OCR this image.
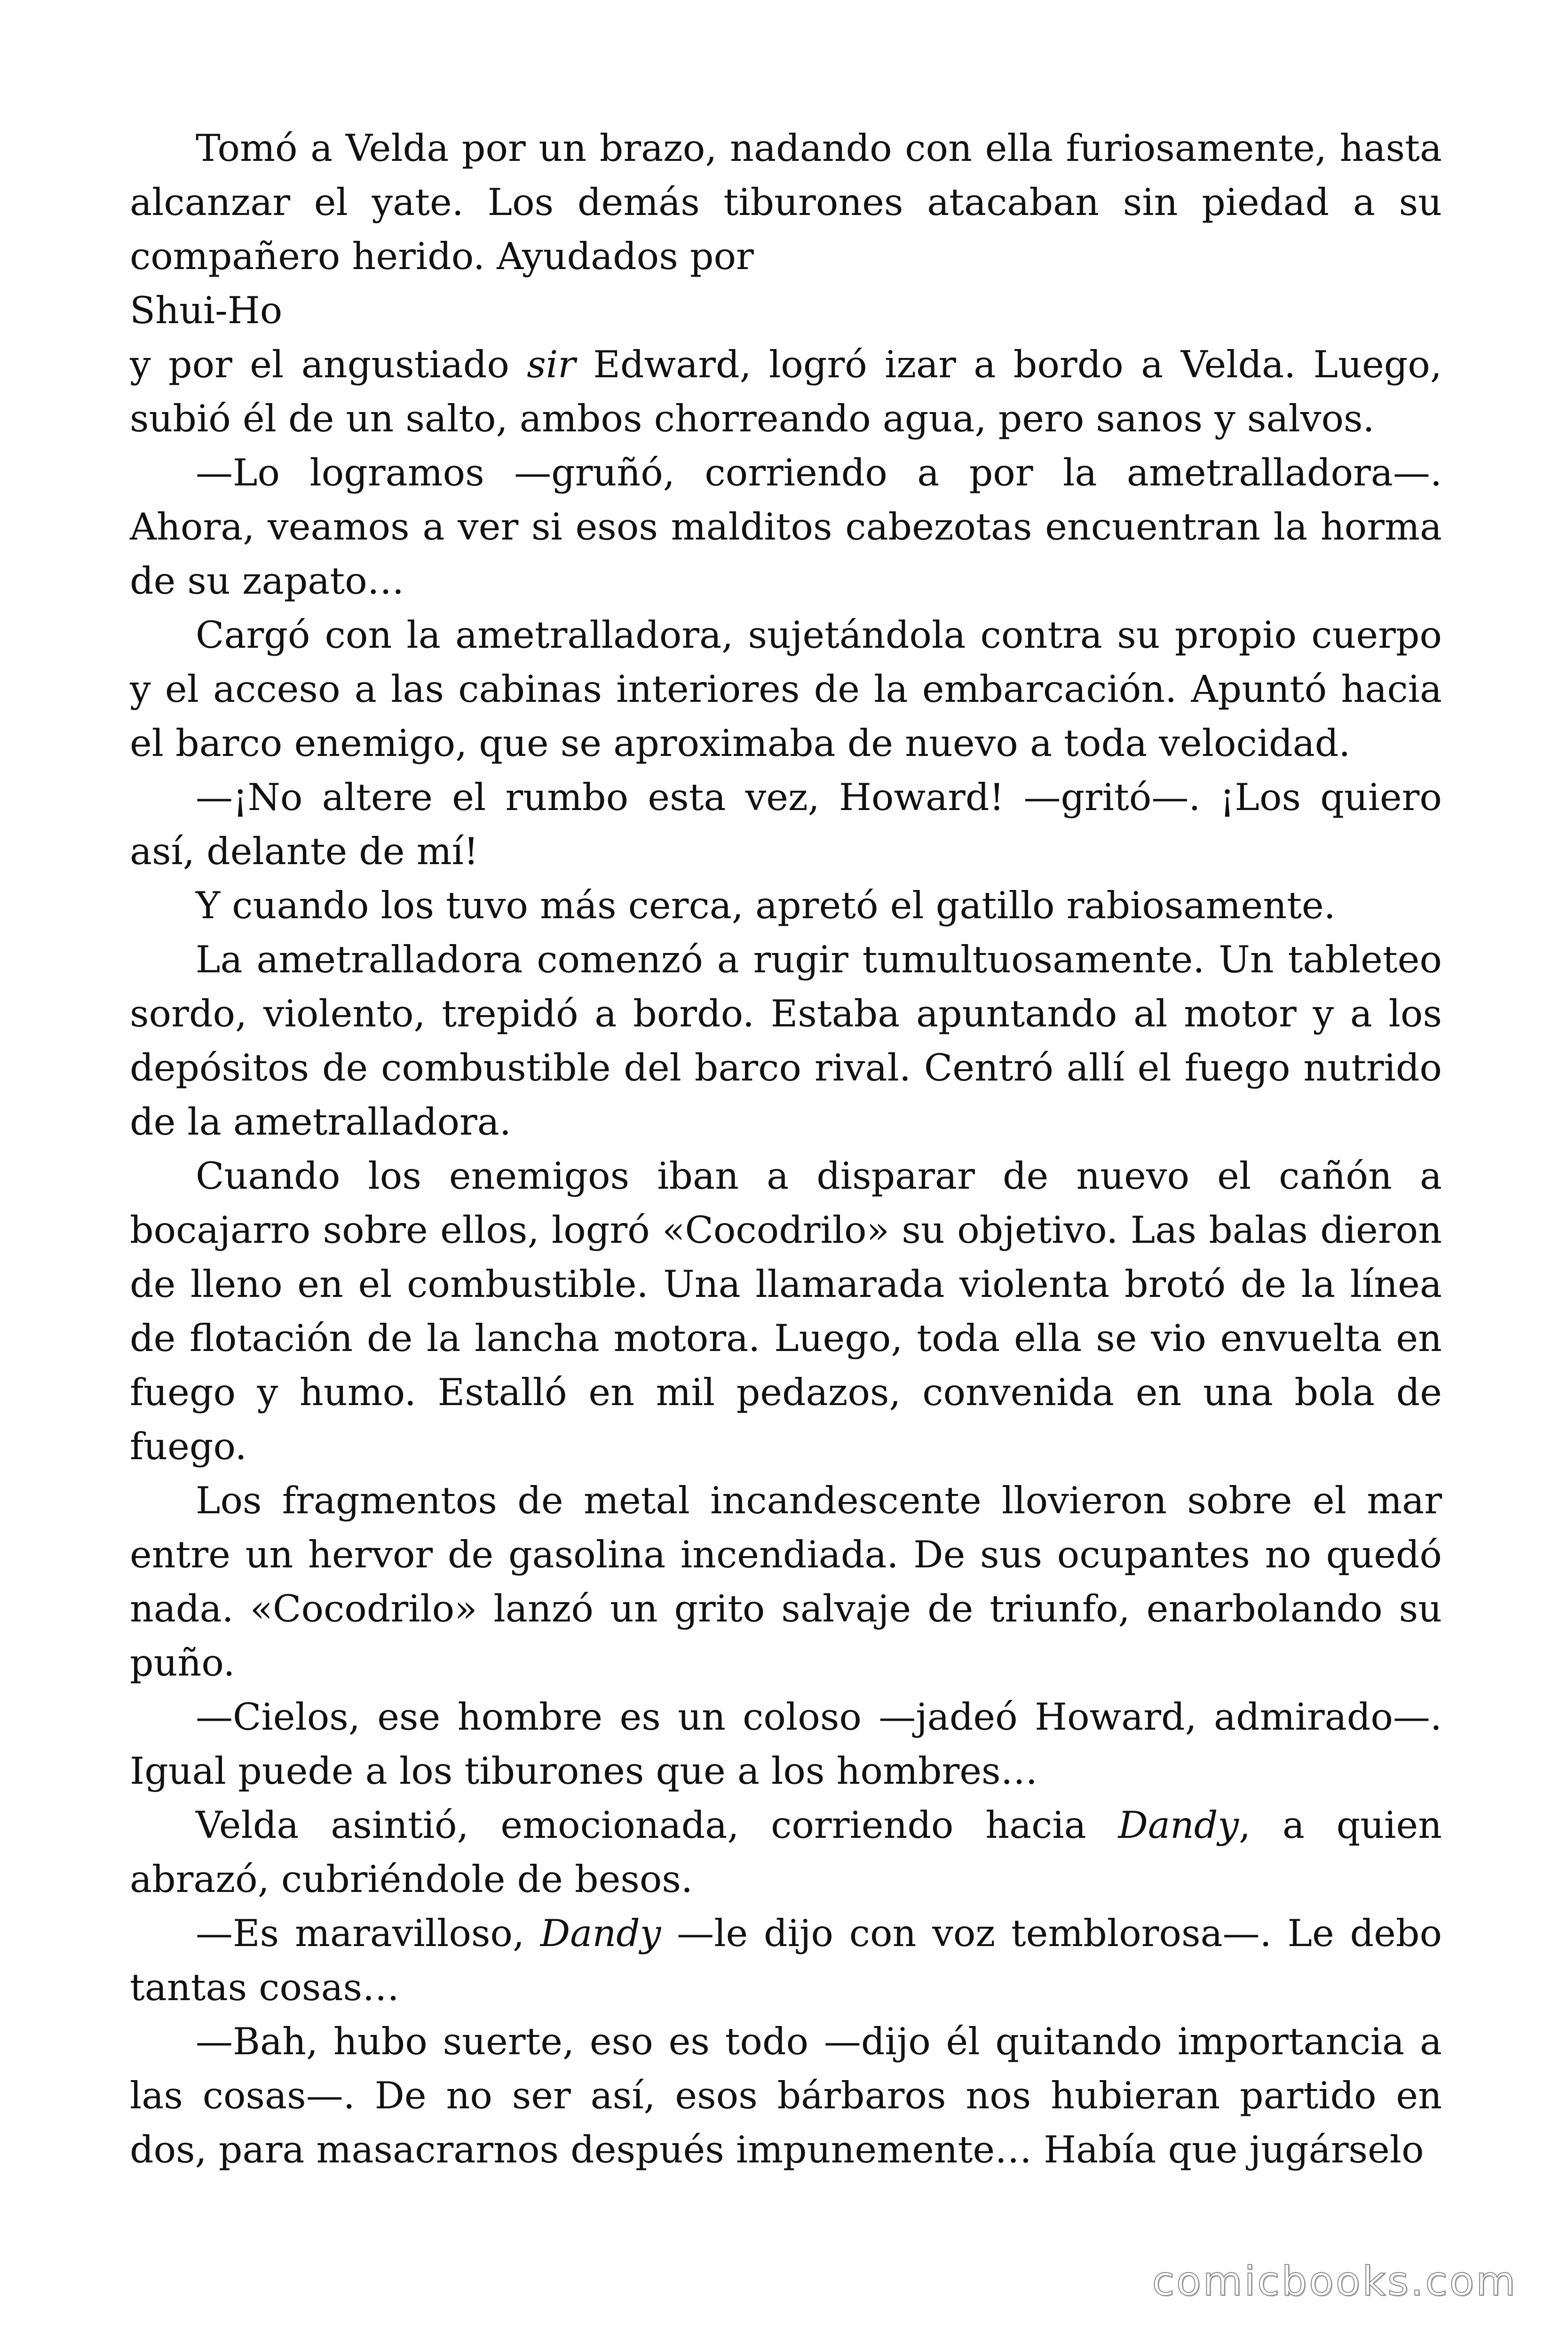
Tomó a Velda por un brazo, nadando con ella furiosamente, hasta alcanzar el yate. Los demás tiburones atacaban sin piedad a su compañero herido. Ayudados por

Shui-Ho

y por el angustiado sir Edward, logró izar a bordo a Velda. Luego, subió él de un salto, ambos chorreando agua, pero sanos y salvos.

—Lo logramos —gruñó, corriendo a por la ametralladora—. Ahora, veamos a ver si esos malditos cabezotas encuentran la horma de su zapato…

Cargó con la ametralladora, sujetándola contra su propio cuerpo y el acceso a las cabinas interiores de la embarcación. Apuntó hacia el barco enemigo, que se aproximaba de nuevo a toda velocidad.

—¡No altere el rumbo esta vez, Howard! —gritó—. ¡Los quiero así, delante de mí!

Y cuando los tuvo más cerca, apretó el gatillo rabiosamente.

La ametralladora comenzó a rugir tumultuosamente. Un tableteo sordo, violento, trepidó a bordo. Estaba apuntando al motor y a los depósitos de combustible del barco rival. Centró allí el fuego nutrido de la ametralladora.

Cuando los enemigos iban a disparar de nuevo el cañón a bocajarro sobre ellos, logró «Cocodrilo» su objetivo. Las balas dieron de lleno en el combustible. Una llamarada violenta brotó de la línea de flotación de la lancha motora. Luego, toda ella se vio envuelta en fuego y humo. Estalló en mil pedazos, convenida en una bola de fuego.

Los fragmentos de metal incandescente llovieron sobre el mar entre un hervor de gasolina incendiada. De sus ocupantes no quedó nada. «Cocodrilo» lanzó un grito salvaje de triunfo, enarbolando su puño.

—Cielos, ese hombre es un coloso —jadeó Howard, admirado—. Igual puede a los tiburones que a los hombres…

Velda asintió, emocionada, corriendo hacia Dandy, a quien abrazó, cubriéndole de besos.

—Es maravilloso, Dandy —le dijo con voz temblorosa—. Le debo tantas cosas…

—Bah, hubo suerte, eso es todo —dijo él quitando importancia a las cosas—. De no ser así, esos bárbaros nos hubieran partido en dos, para masacrarnos después impunemente… Había que jugárselo

comicbooks.com
